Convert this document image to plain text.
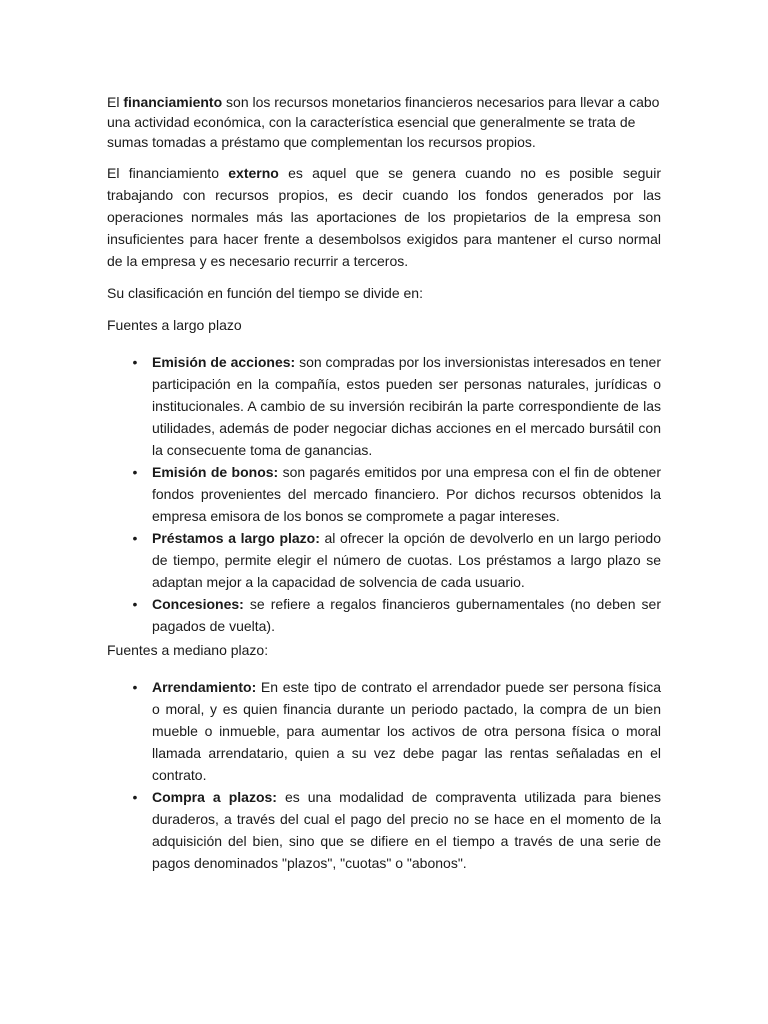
El financiamiento son los recursos monetarios financieros necesarios para llevar a cabo una actividad económica, con la característica esencial que generalmente se trata de sumas tomadas a préstamo que complementan los recursos propios.

El financiamiento externo es aquel que se genera cuando no es posible seguir trabajando con recursos propios, es decir cuando los fondos generados por las operaciones normales más las aportaciones de los propietarios de la empresa son insuficientes para hacer frente a desembolsos exigidos para mantener el curso normal de la empresa y es necesario recurrir a terceros.

Su clasificación en función del tiempo se divide en:

Fuentes a largo plazo

•	Emisión de acciones: son compradas por los inversionistas interesados en tener participación en la compañía, estos pueden ser personas naturales, jurídicas o institucionales. A cambio de su inversión recibirán la parte correspondiente de las utilidades, además de poder negociar dichas acciones en el mercado bursátil con la consecuente toma de ganancias.
•	Emisión de bonos: son pagarés emitidos por una empresa con el fin de obtener fondos provenientes del mercado financiero. Por dichos recursos obtenidos la empresa emisora de los bonos se compromete a pagar intereses.
•	Préstamos a largo plazo: al ofrecer la opción de devolverlo en un largo periodo de tiempo, permite elegir el número de cuotas. Los préstamos a largo plazo se adaptan mejor a la capacidad de solvencia de cada usuario.
•	Concesiones: se refiere a regalos financieros gubernamentales (no deben ser pagados de vuelta).

Fuentes a mediano plazo:

•	Arrendamiento: En este tipo de contrato el arrendador puede ser persona física o moral, y es quien financia durante un periodo pactado, la compra de un bien mueble o inmueble, para aumentar los activos de otra persona física o moral llamada arrendatario, quien a su vez debe pagar las rentas señaladas en el contrato.
•	Compra a plazos: es una modalidad de compraventa utilizada para bienes duraderos, a través del cual el pago del precio no se hace en el momento de la adquisición del bien, sino que se difiere en el tiempo a través de una serie de pagos denominados "plazos", "cuotas" o "abonos".
